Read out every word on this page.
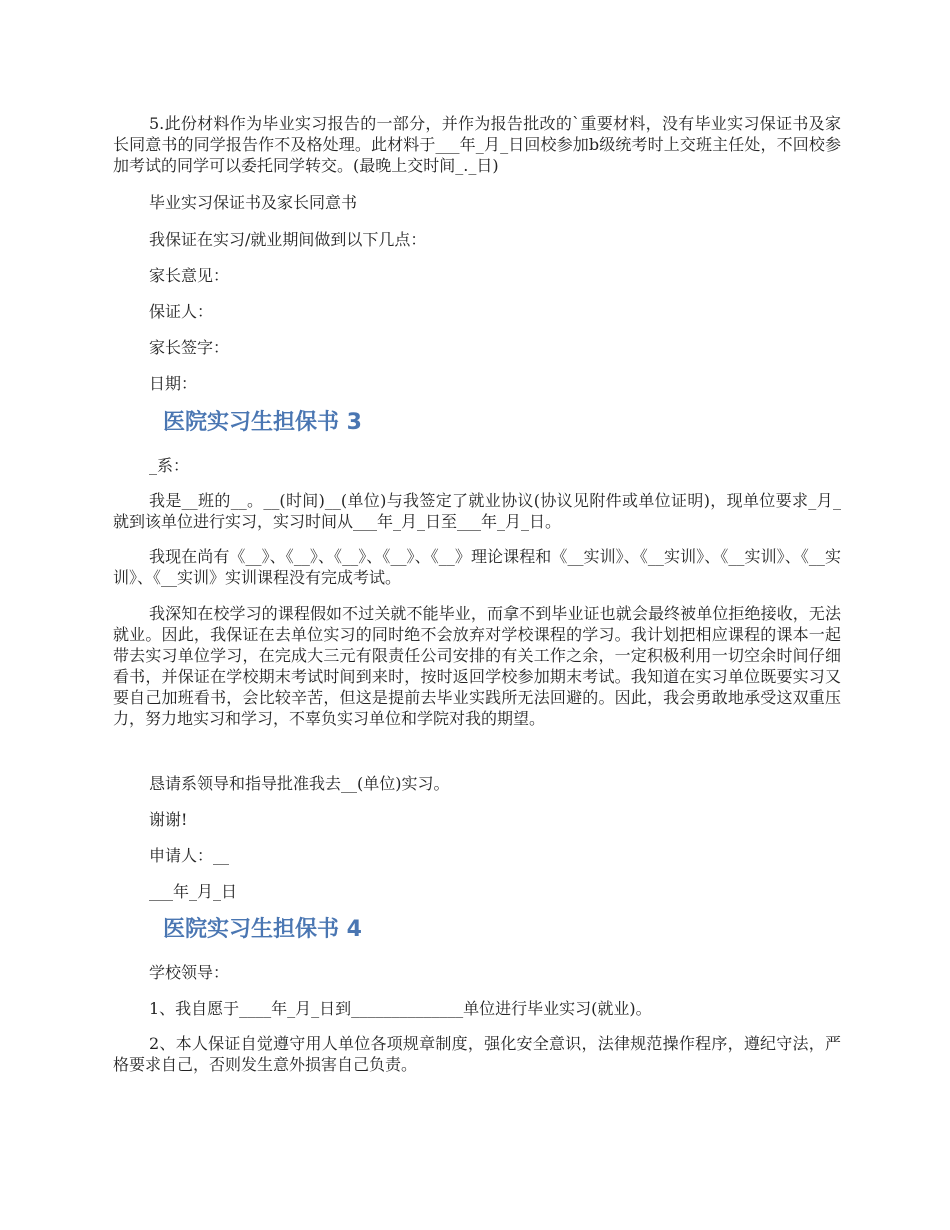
5.此份材料作为毕业实习报告的一部分，并作为报告批改的`重要材料，没有毕业实习保证书及家长同意书的同学报告作不及格处理。此材料于___年_月_日回校参加b级统考时上交班主任处，不回校参加考试的同学可以委托同学转交。(最晚上交时间_._日)

毕业实习保证书及家长同意书

我保证在实习/就业期间做到以下几点：

家长意见：

保证人：

家长签字：

日期：

医院实习生担保书 3

_系：

我是__班的__。__(时间)__(单位)与我签定了就业协议(协议见附件或单位证明)，现单位要求_月_就到该单位进行实习，实习时间从___年_月_日至___年_月_日。

我现在尚有《__》、《__》、《__》、《__》、《__》理论课程和《__实训》、《__实训》、《__实训》、《__实训》、《__实训》实训课程没有完成考试。

我深知在校学习的课程假如不过关就不能毕业，而拿不到毕业证也就会最终被单位拒绝接收，无法就业。因此，我保证在去单位实习的同时绝不会放弃对学校课程的学习。我计划把相应课程的课本一起带去实习单位学习，在完成大三元有限责任公司安排的有关工作之余，一定积极利用一切空余时间仔细看书，并保证在学校期末考试时间到来时，按时返回学校参加期末考试。我知道在实习单位既要实习又要自己加班看书，会比较辛苦，但这是提前去毕业实践所无法回避的。因此，我会勇敢地承受这双重压力，努力地实习和学习，不辜负实习单位和学院对我的期望。

恳请系领导和指导批准我去__(单位)实习。

谢谢!

申请人：__

___年_月_日

医院实习生担保书 4

学校领导：

1、我自愿于____年_月_日到______________单位进行毕业实习(就业)。

2、本人保证自觉遵守用人单位各项规章制度，强化安全意识，法律规范操作程序，遵纪守法，严格要求自己，否则发生意外损害自己负责。
